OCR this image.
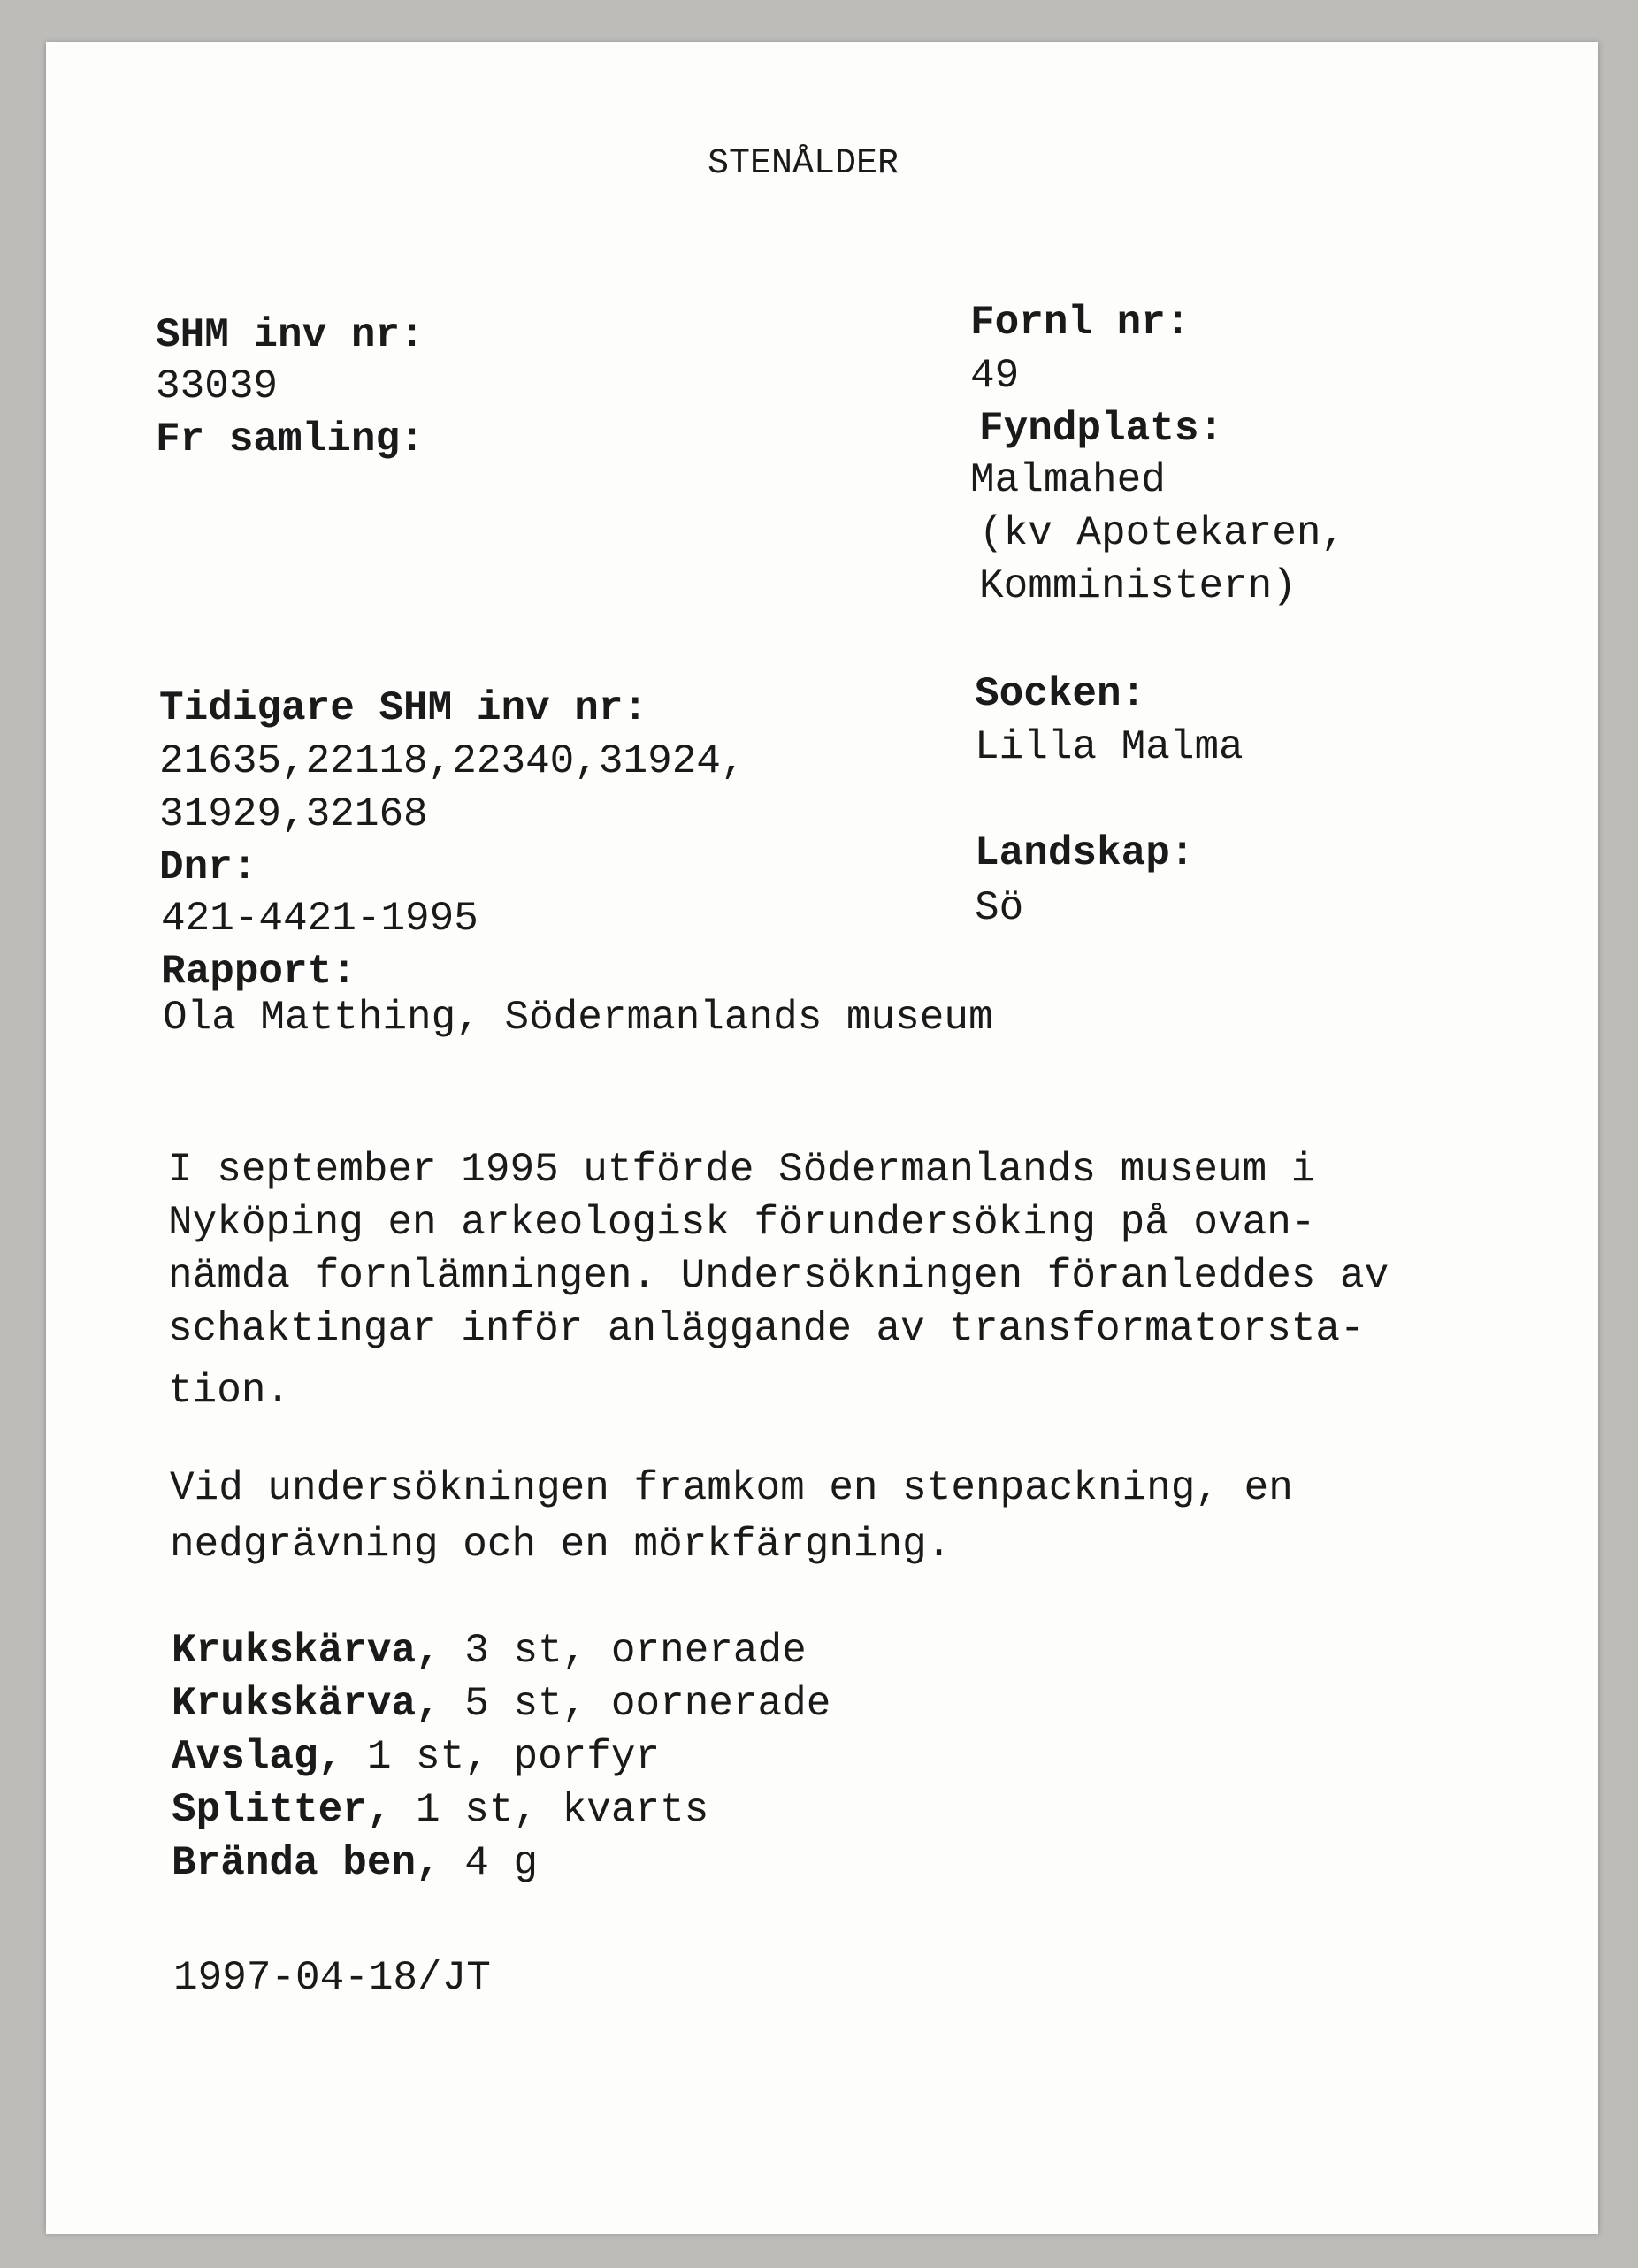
STENÅLDER
SHM inv nr:
33039
Fr samling:
Tidigare SHM inv nr:
21635,22118,22340,31924,
31929,32168
Dnr:
421-4421-1995
Rapport:
Ola Matthing, Södermanlands museum
Fornl nr:
49
Fyndplats:
Malmahed
(kv Apotekaren,
Komministern)
Socken:
Lilla Malma
Landskap:
Sö
I september 1995 utförde Södermanlands museum i
Nyköping en arkeologisk förundersöking på ovan-
nämda fornlämningen. Undersökningen föranleddes av
schaktingar inför anläggande av transformatorsta-
tion.
Vid undersökningen framkom en stenpackning, en
nedgrävning och en mörkfärgning.
Krukskärva, 3 st, ornerade
Krukskärva, 5 st, oornerade
Avslag, 1 st, porfyr
Splitter, 1 st, kvarts
Brända ben, 4 g
1997-04-18/JT
